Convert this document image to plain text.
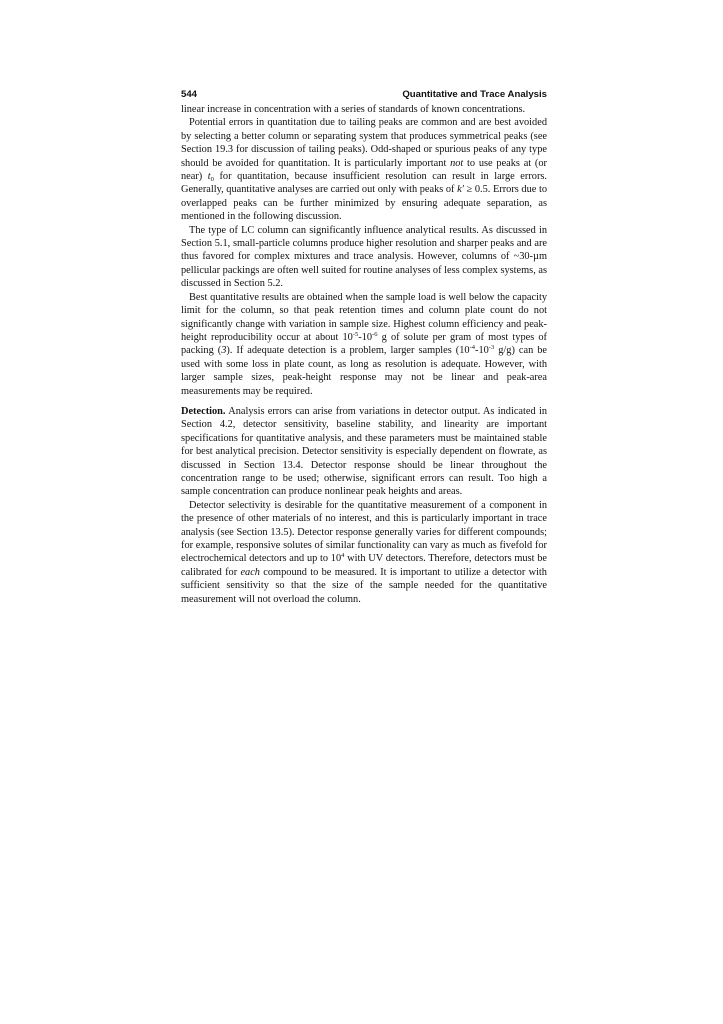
544	Quantitative and Trace Analysis

linear increase in concentration with a series of standards of known concentrations.

Potential errors in quantitation due to tailing peaks are common and are best avoided by selecting a better column or separating system that produces symmetrical peaks (see Section 19.3 for discussion of tailing peaks). Odd-shaped or spurious peaks of any type should be avoided for quantitation. It is particularly important not to use peaks at (or near) $t_0$ for quantitation, because insufficient resolution can result in large errors. Generally, quantitative analyses are carried out only with peaks of k′ ≥ 0.5. Errors due to overlapped peaks can be further minimized by ensuring adequate separation, as mentioned in the following discussion.

The type of LC column can significantly influence analytical results. As discussed in Section 5.1, small-particle columns produce higher resolution and sharper peaks and are thus favored for complex mixtures and trace analysis. However, columns of ~30-µm pellicular packings are often well suited for routine analyses of less complex systems, as discussed in Section 5.2.

Best quantitative results are obtained when the sample load is well below the capacity limit for the column, so that peak retention times and column plate count do not significantly change with variation in sample size. Highest column efficiency and peak-height reproducibility occur at about $10^{-5}-10^{-6}$ g of solute per gram of most types of packing (3). If adequate detection is a problem, larger samples ($10^{-4}-10^{-3}$ g/g) can be used with some loss in plate count, as long as resolution is adequate. However, with larger sample sizes, peak-height response may not be linear and peak-area measurements may be required.

Detection. Analysis errors can arise from variations in detector output. As indicated in Section 4.2, detector sensitivity, baseline stability, and linearity are important specifications for quantitative analysis, and these parameters must be maintained stable for best analytical precision. Detector sensitivity is especially dependent on flowrate, as discussed in Section 13.4. Detector response should be linear throughout the concentration range to be used; otherwise, significant errors can result. Too high a sample concentration can produce nonlinear peak heights and areas.

Detector selectivity is desirable for the quantitative measurement of a component in the presence of other materials of no interest, and this is particularly important in trace analysis (see Section 13.5). Detector response generally varies for different compounds; for example, responsive solutes of similar functionality can vary as much as fivefold for electrochemical detectors and up to $10^4$ with UV detectors. Therefore, detectors must be calibrated for each compound to be measured. It is important to utilize a detector with sufficient sensitivity so that the size of the sample needed for the quantitative measurement will not overload the column.
